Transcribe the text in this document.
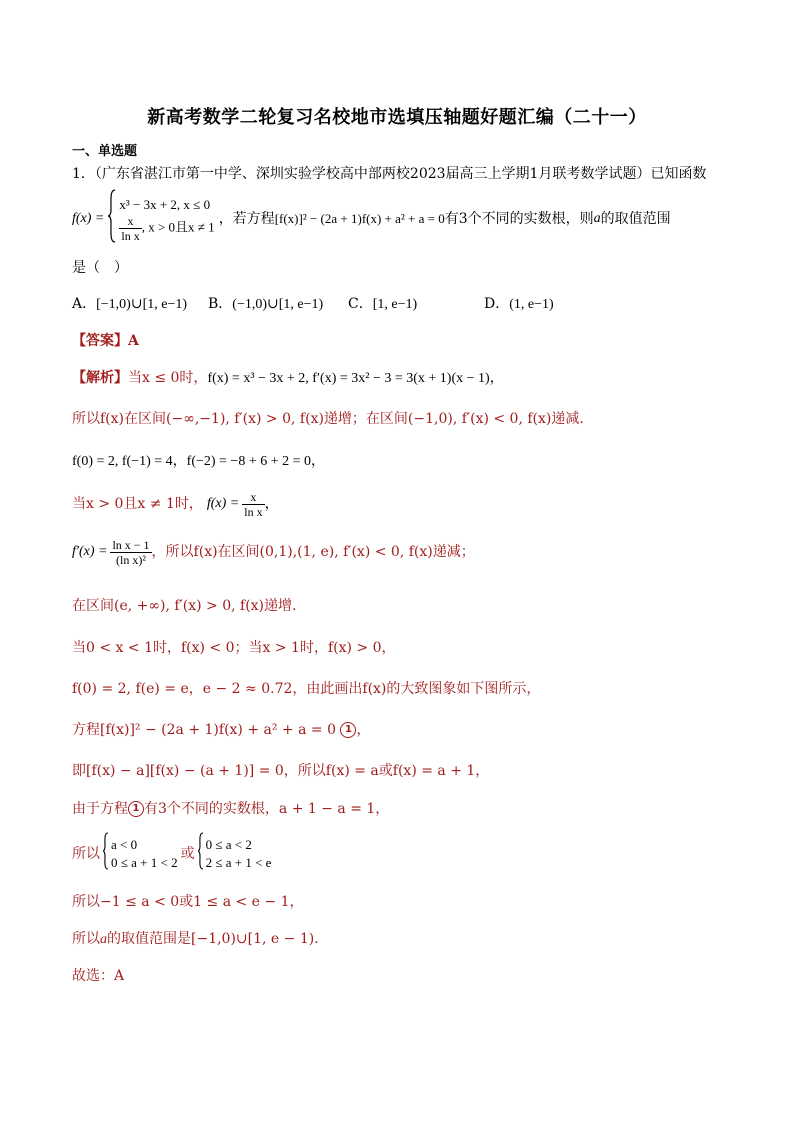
新高考数学二轮复习名校地市选填压轴题好题汇编（二十一）
一、单选题
1．（广东省湛江市第一中学、深圳实验学校高中部两校2023届高三上学期1月联考数学试题）已知函数
f(x) =
x³ − 3x + 2, x ≤ 0
$\frac{x}{\text{ln x}}$ , x > 0且x ≠ 1 ，若方程 [f(x)]² − (2a + 1)f(x) + a² + a = 0 有3个不同的实数根，则 a 的取值范围
是（　）
A．[−1,0)∪[1, e−1) B．(−1,0)∪[1, e−1) C．[1, e−1)	D．(1, e−1)
【答案】A
【解析】当x ≤ 0时，f(x) = x³ − 3x + 2, f′(x) = 3x² − 3 = 3(x + 1)(x − 1)，
所以f(x)在区间(−∞,−1), f′(x) > 0, f(x)递增；在区间(−1,0), f′(x) < 0, f(x)递减.
f(0) = 2, f(−1) = 4，f(−2) = −8 + 6 + 2 = 0，
当x > 0且x ≠ 1时， $f(x) = \frac{x}{\text{ln x}}$ ，
$f'(x) = \frac{\text{ln x − 1}}{\text{(ln x)²}}$ ，所以f(x)在区间(0,1),(1, e), f′(x) < 0, f(x)递减；
在区间(e, +∞), f′(x) > 0, f(x)递增.
当0 < x < 1时，f(x) < 0；当x > 1时，f(x) > 0，
f(0) = 2, f(e) = e，e − 2 ≈ 0.72，由此画出f(x)的大致图象如下图所示，
方程[f(x)]² − (2a + 1)f(x) + a² + a = 0 1 ，
即[f(x) − a][f(x) − (a + 1)] = 0，所以f(x) = a或f(x) = a + 1，
由于方程 1 有3个不同的实数根，a + 1 − a = 1，
所以
a < 0
0 ≤ a + 1 < 2
或
0 ≤ a < 2
2 ≤ a + 1 < e
所以−1 ≤ a < 0或1 ≤ a < e − 1，
所以a的取值范围是[−1,0)∪[1, e − 1).
故选：A
